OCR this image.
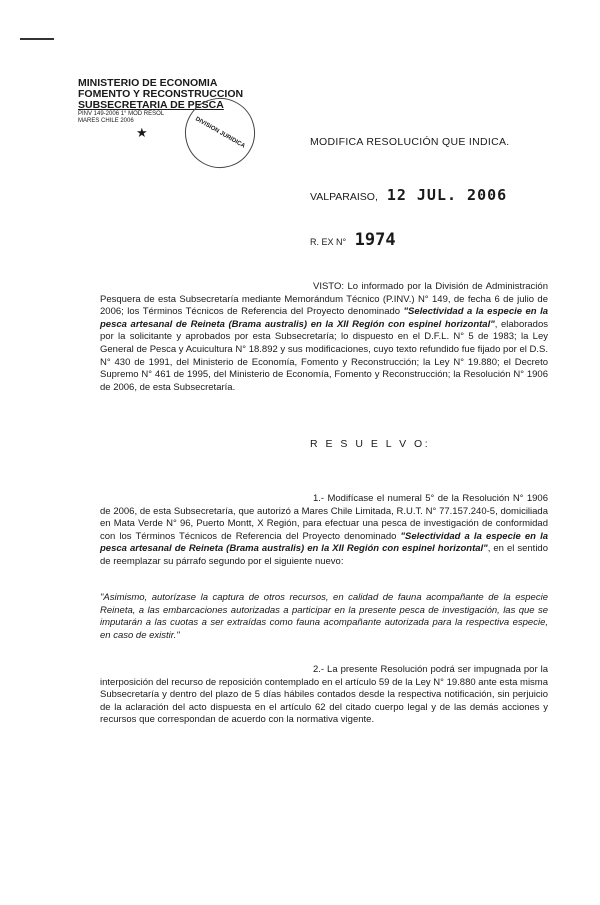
MINISTERIO DE ECONOMIA
FOMENTO Y RECONSTRUCCION
SUBSECRETARIA DE PESCA
PINV 149-2006 1° MOD RESOL
MARES CHILE 2006	DIVISION JURIDICA
★
MODIFICA RESOLUCIÓN QUE INDICA.
VALPARAISO, 12 JUL. 2006
R. EX N° 1974
VISTO: Lo informado por la División de Administración Pesquera de esta Subsecretaría mediante Memorándum Técnico (P.INV.) N° 149, de fecha 6 de julio de 2006; los Términos Técnicos de Referencia del Proyecto denominado "Selectividad a la especie en la pesca artesanal de Reineta (Brama australis) en la XII Región con espinel horizontal", elaborados por la solicitante y aprobados por esta Subsecretaría; lo dispuesto en el D.F.L. N° 5 de 1983; la Ley General de Pesca y Acuicultura N° 18.892 y sus modificaciones, cuyo texto refundido fue fijado por el D.S. N° 430 de 1991, del Ministerio de Economía, Fomento y Reconstrucción; la Ley N° 19.880; el Decreto Supremo N° 461 de 1995, del Ministerio de Economía, Fomento y Reconstrucción; la Resolución N° 1906 de 2006, de esta Subsecretaría.
R E S U E L V O:
1.- Modifícase el numeral 5° de la Resolución N° 1906 de 2006, de esta Subsecretaría, que autorizó a Mares Chile Limitada, R.U.T. N° 77.157.240-5, domiciliada en Mata Verde N° 96, Puerto Montt, X Región, para efectuar una pesca de investigación de conformidad con los Términos Técnicos de Referencia del Proyecto denominado "Selectividad a la especie en la pesca artesanal de Reineta (Brama australis) en la XII Región con espinel horizontal", en el sentido de reemplazar su párrafo segundo por el siguiente nuevo:
"Asimismo, autorízase la captura de otros recursos, en calidad de fauna acompañante de la especie Reineta, a las embarcaciones autorizadas a participar en la presente pesca de investigación, las que se imputarán a las cuotas a ser extraídas como fauna acompañante autorizada para la respectiva especie, en caso de existir."
2.- La presente Resolución podrá ser impugnada por la interposición del recurso de reposición contemplado en el artículo 59 de la Ley N° 19.880 ante esta misma Subsecretaría y dentro del plazo de 5 días hábiles contados desde la respectiva notificación, sin perjuicio de la aclaración del acto dispuesta en el artículo 62 del citado cuerpo legal y de las demás acciones y recursos que correspondan de acuerdo con la normativa vigente.
